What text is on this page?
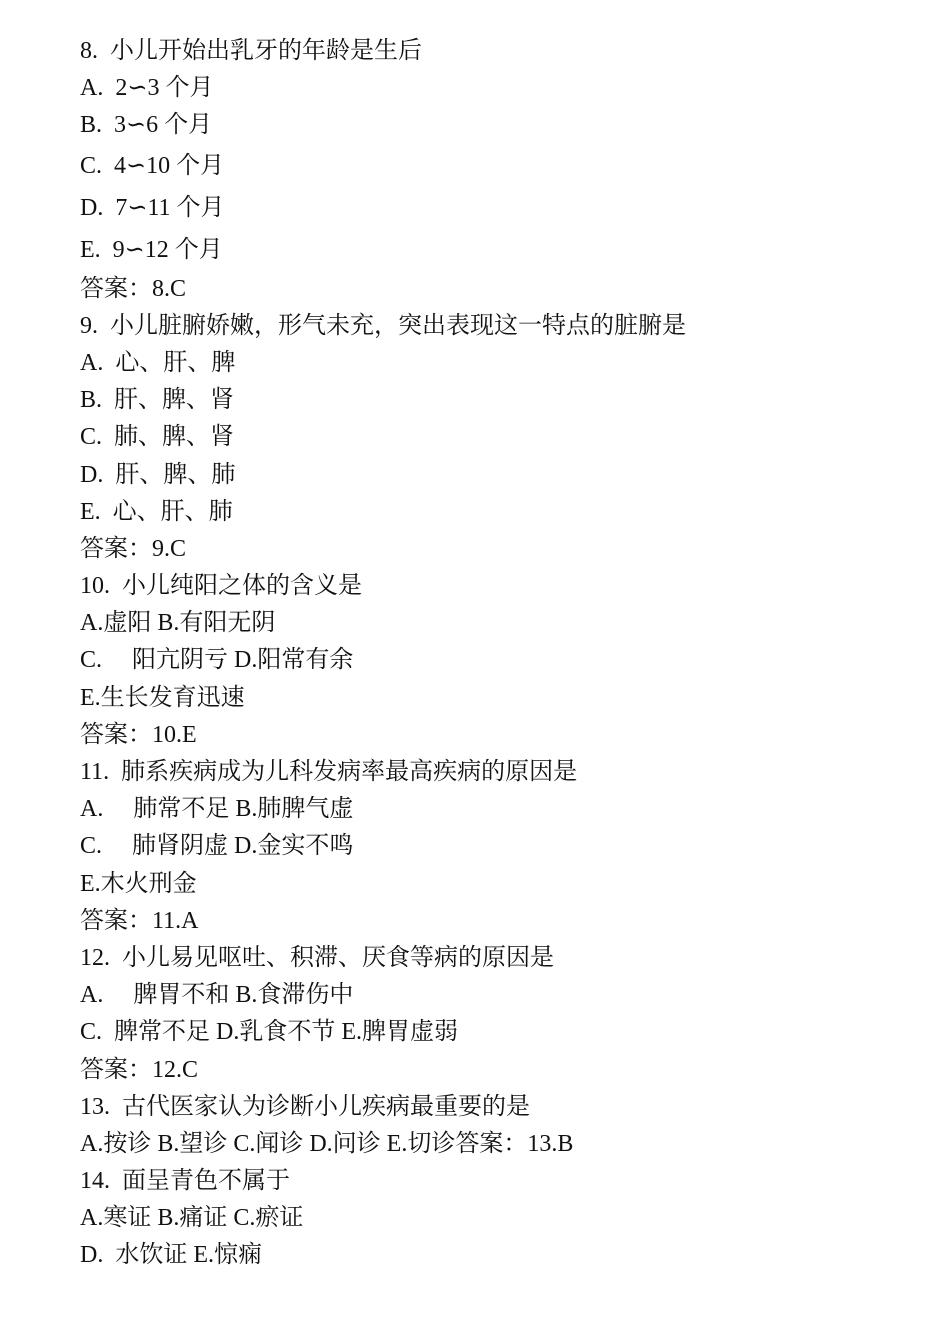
8.  小儿开始出乳牙的年龄是生后
A.  2∽3 个月
B.  3∽6 个月
C.  4∽10 个月
D.  7∽11 个月
E.  9∽12 个月
答案：8.C
9.  小儿脏腑娇嫩，形气未充，突出表现这一特点的脏腑是
A.  心、肝、脾
B.  肝、脾、肾
C.  肺、脾、肾
D.  肝、脾、肺
E.  心、肝、肺
答案：9.C
10.  小儿纯阳之体的含义是
A.虚阳 B.有阳无阴
C.     阳亢阴亏 D.阳常有余
E.生长发育迅速
答案：10.E
11.  肺系疾病成为儿科发病率最高疾病的原因是
A.     肺常不足 B.肺脾气虚
C.     肺肾阴虚 D.金实不鸣
E.木火刑金
答案：11.A
12.  小儿易见呕吐、积滞、厌食等病的原因是
A.     脾胃不和 B.食滞伤中
C.  脾常不足 D.乳食不节 E.脾胃虚弱
答案：12.C
13.  古代医家认为诊断小儿疾病最重要的是
A.按诊 B.望诊 C.闻诊 D.问诊 E.切诊答案：13.B
14.  面呈青色不属于
A.寒证 B.痛证 C.瘀证
D.  水饮证 E.惊痫
